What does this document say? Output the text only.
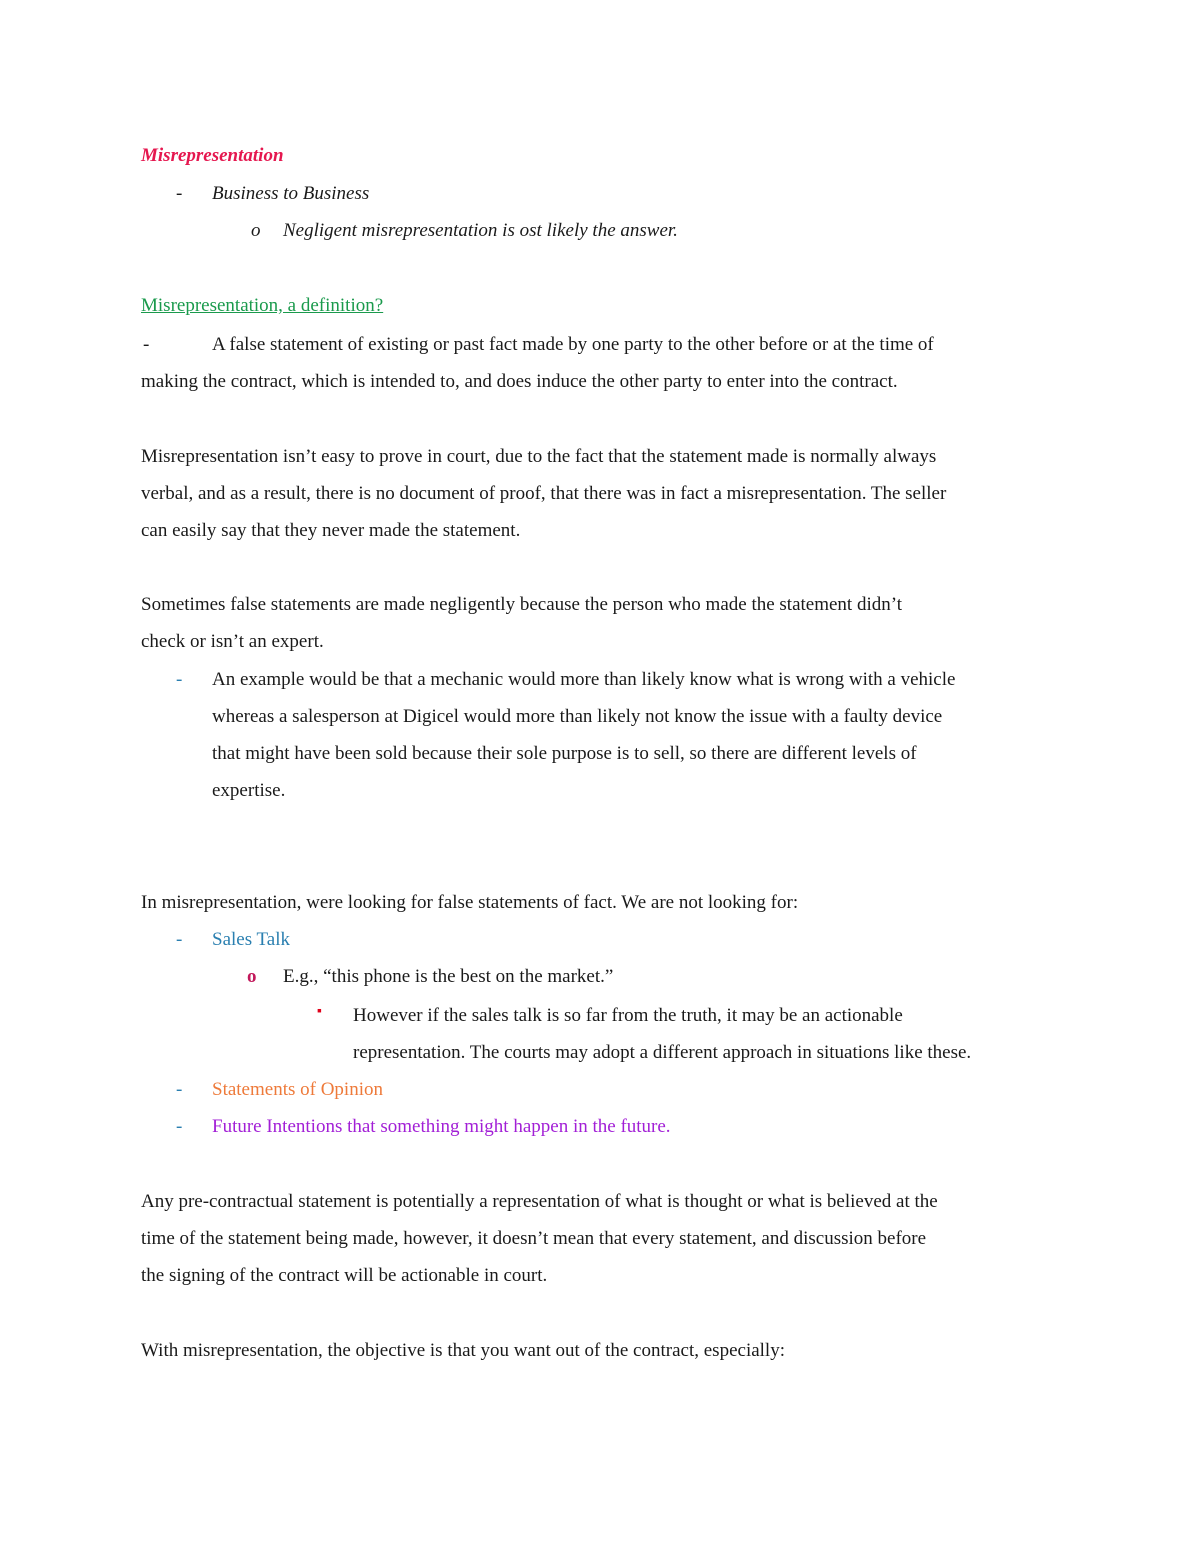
Misrepresentation
- Business to Business
o Negligent misrepresentation is ost likely the answer.
Misrepresentation, a definition?
-	A false statement of existing or past fact made by one party to the other before or at the time of
making the contract, which is intended to, and does induce the other party to enter into the contract.
Misrepresentation isn’t easy to prove in court, due to the fact that the statement made is normally always
verbal, and as a result, there is no document of proof, that there was in fact a misrepresentation. The seller
can easily say that they never made the statement.
Sometimes false statements are made negligently because the person who made the statement didn’t
check or isn’t an expert.
- An example would be that a mechanic would more than likely know what is wrong with a vehicle
whereas a salesperson at Digicel would more than likely not know the issue with a faulty device
that might have been sold because their sole purpose is to sell, so there are different levels of
expertise.
In misrepresentation, were looking for false statements of fact. We are not looking for:
- Sales Talk
o E.g., “this phone is the best on the market.”
▪ However if the sales talk is so far from the truth, it may be an actionable
representation. The courts may adopt a different approach in situations like these.
- Statements of Opinion
- Future Intentions that something might happen in the future.
Any pre-contractual statement is potentially a representation of what is thought or what is believed at the
time of the statement being made, however, it doesn’t mean that every statement, and discussion before
the signing of the contract will be actionable in court.
With misrepresentation, the objective is that you want out of the contract, especially:
